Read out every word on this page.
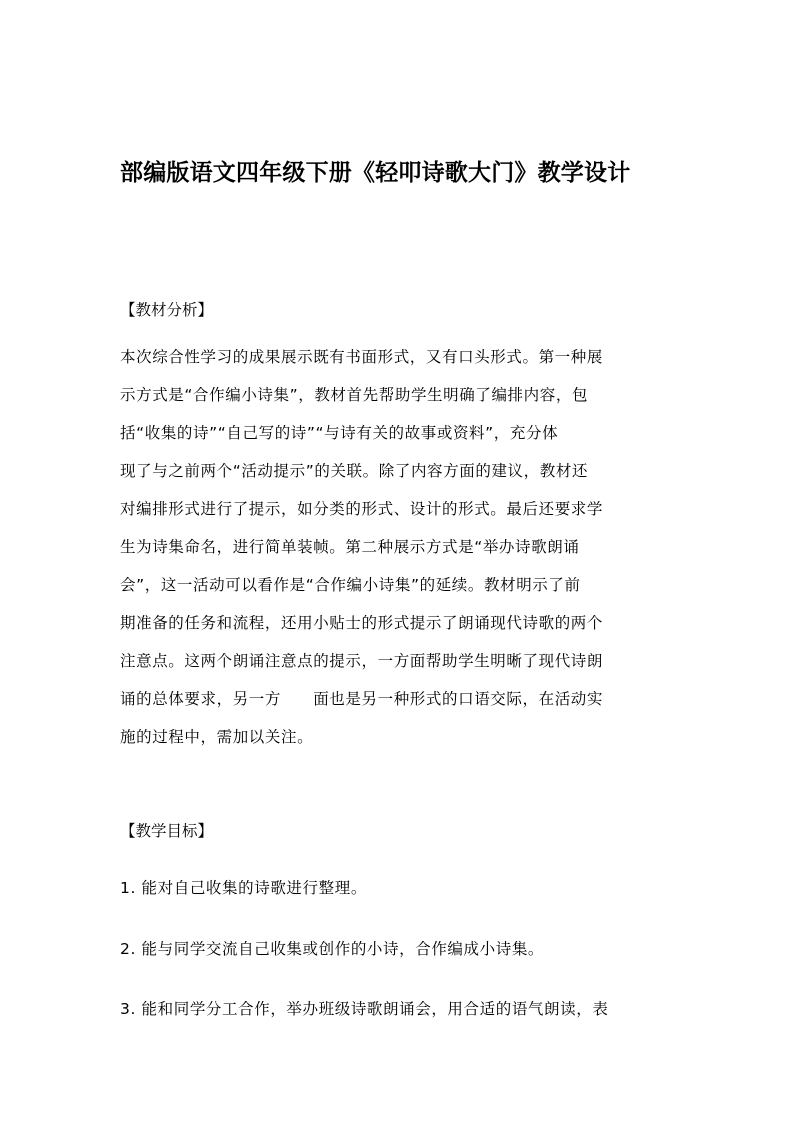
部编版语文四年级下册《轻叩诗歌大门》教学设计
【教材分析】
本次综合性学习的成果展示既有书面形式，又有口头形式。第一种展
示方式是“合作编小诗集”，教材首先帮助学生明确了编排内容，包
括“收集的诗”“自己写的诗”“与诗有关的故事或资料”，充分体
现了与之前两个“活动提示”的关联。除了内容方面的建议，教材还
对编排形式进行了提示，如分类的形式、设计的形式。最后还要求学
生为诗集命名，进行简单装帧。第二种展示方式是“举办诗歌朗诵
会”，这一活动可以看作是“合作编小诗集”的延续。教材明示了前
期准备的任务和流程，还用小贴士的形式提示了朗诵现代诗歌的两个
注意点。这两个朗诵注意点的提示，一方面帮助学生明晰了现代诗朗
诵的总体要求，另一方　　面也是另一种形式的口语交际，在活动实
施的过程中，需加以关注。
【教学目标】
1. 能对自己收集的诗歌进行整理。
2. 能与同学交流自己收集或创作的小诗，合作编成小诗集。
3. 能和同学分工合作，举办班级诗歌朗诵会，用合适的语气朗读，表
